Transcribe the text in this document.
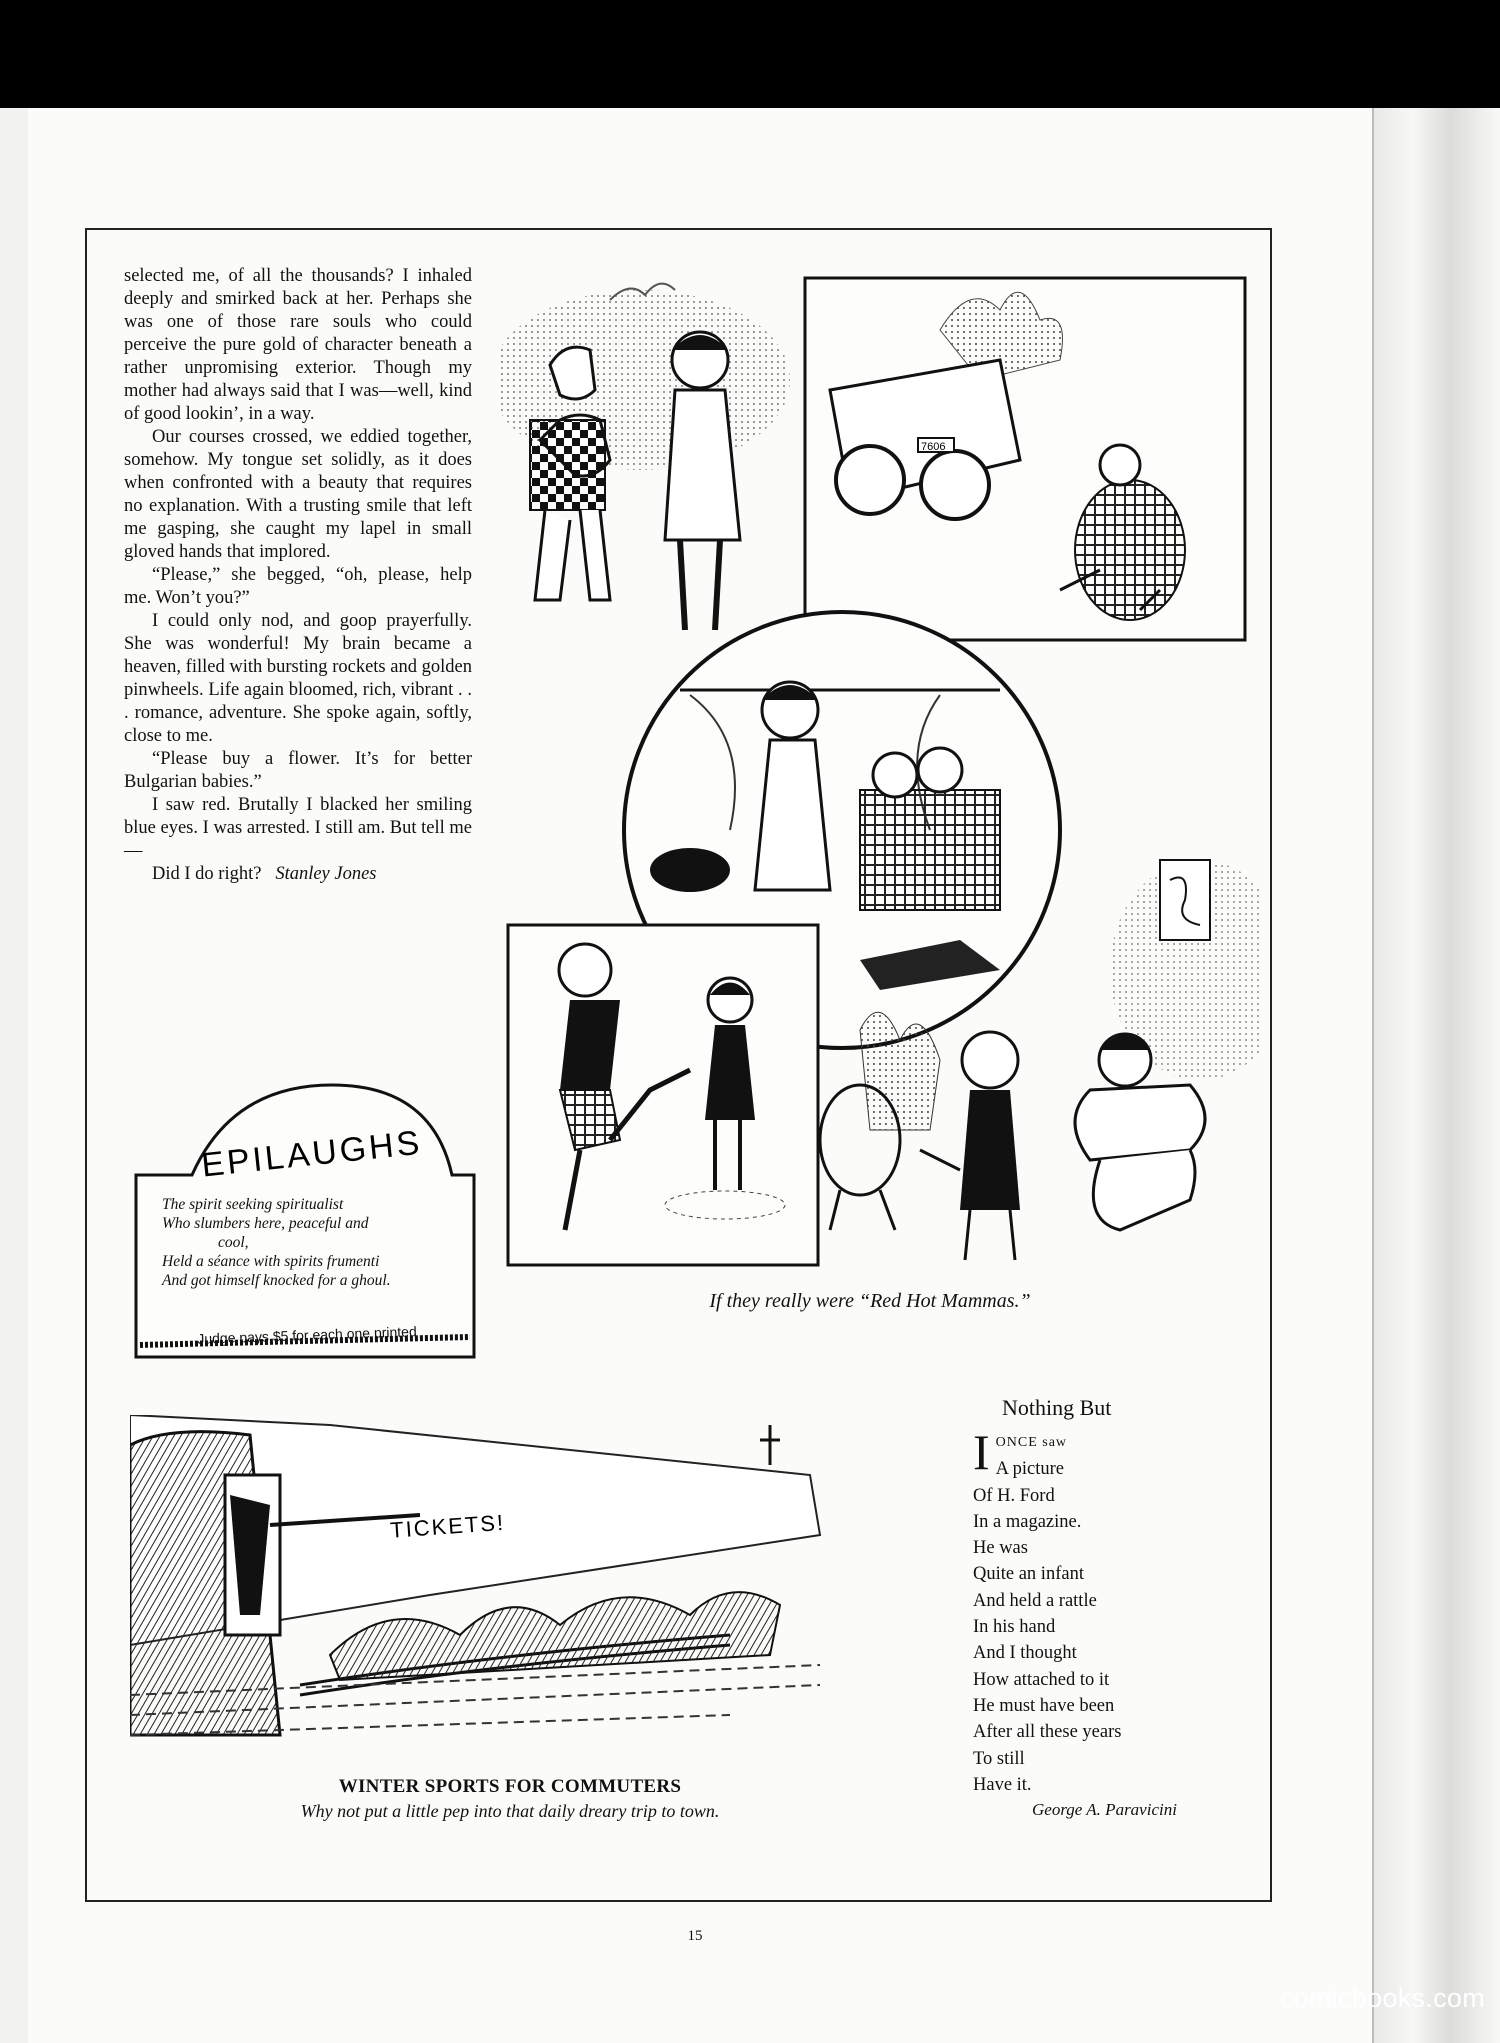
selected me, of all the thousands? I inhaled deeply and smirked back at her. Perhaps she was one of those rare souls who could perceive the pure gold of character beneath a rather unpromising exterior. Though my mother had always said that I was—well, kind of good lookin’, in a way.

Our courses crossed, we eddied together, somehow. My tongue set solidly, as it does when confronted with a beauty that requires no explanation. With a trusting smile that left me gasping, she caught my lapel in small gloved hands that implored.

“Please,” she begged, “oh, please, help me. Won’t you?”

I could only nod, and goop prayerfully. She was wonderful! My brain became a heaven, filled with bursting rockets and golden pinwheels. Life again bloomed, rich, vibrant . . . romance, adventure. She spoke again, softly, close to me.

“Please buy a flower. It’s for better Bulgarian babies.”

I saw red. Brutally I blacked her smiling blue eyes. I was arrested. I still am. But tell me—

Did I do right? Stanley Jones

7606
If they really were “Red Hot Mammas.”
EPILAUGHS

The spirit seeking spiritualist

Who slumbers here, peaceful and

cool,

Held a séance with spirits frumenti

And got himself knocked for a ghoul.

Judge pays $5 for each one printed
TICKETS!
WINTER SPORTS FOR COMMUTERS
Why not put a little pep into that daily dreary trip to town.
Nothing But

IONCE saw

A picture

Of H. Ford

In a magazine.

He was

Quite an infant

And held a rattle

In his hand

And I thought

How attached to it

He must have been

After all these years

To still

Have it.

George A. Paravicini
15
comicbooks.com
